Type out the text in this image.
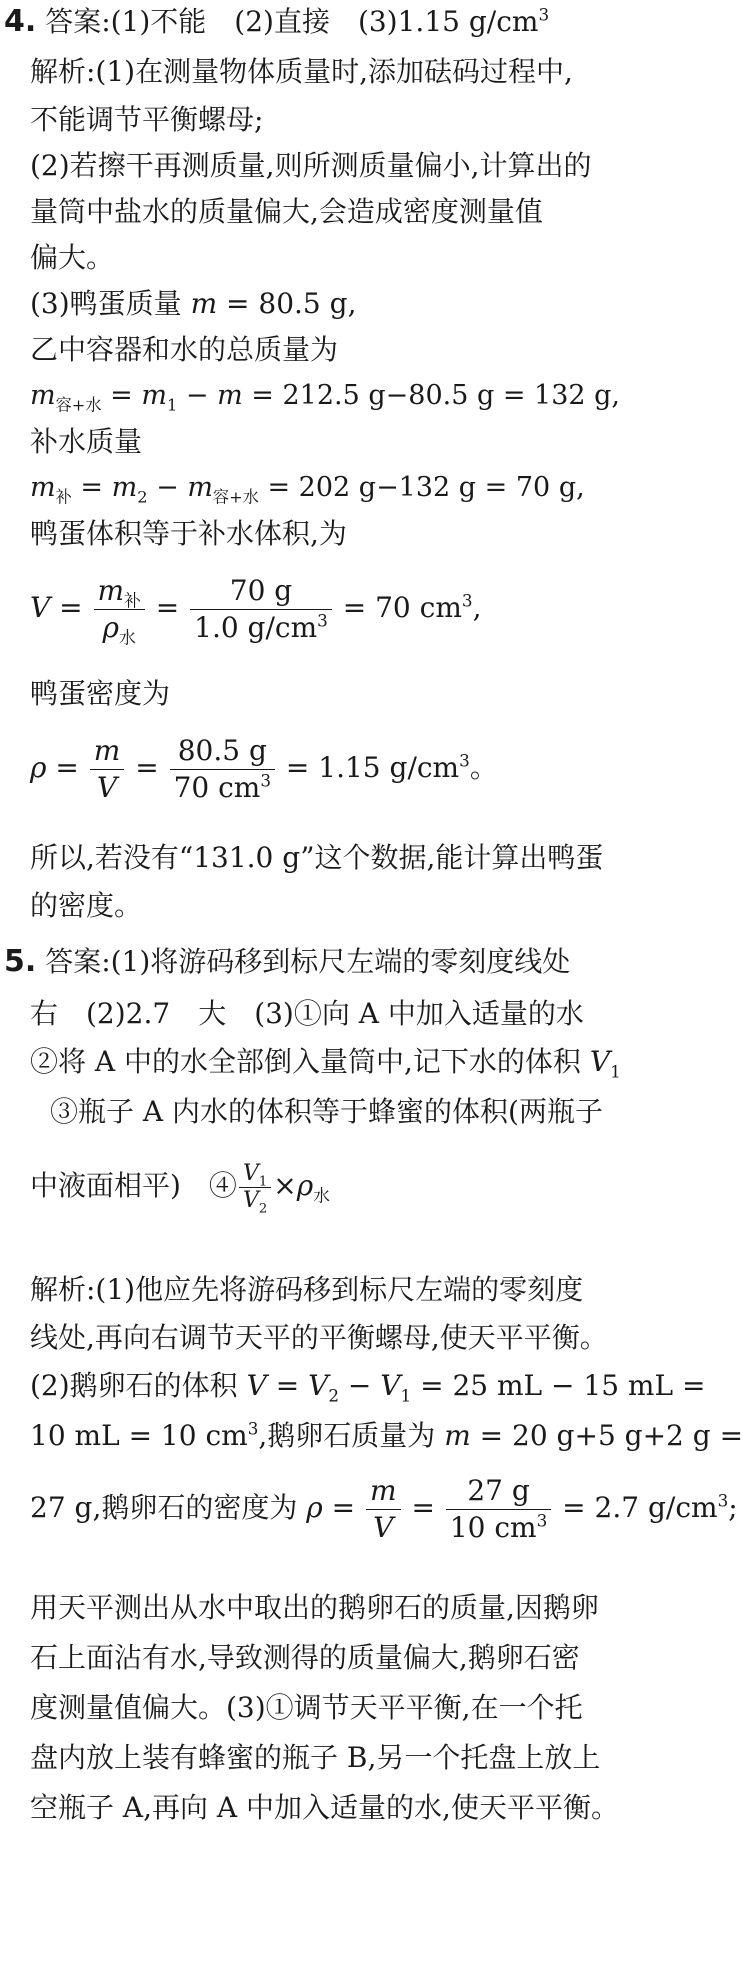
4. 答案:(1)不能　(2)直接　(3)1.15 $g/cm^3$
解析:(1)在测量物体质量时,添加砝码过程中,
不能调节平衡螺母;
(2)若擦干再测质量,则所测质量偏小,计算出的
量筒中盐水的质量偏大,会造成密度测量值
偏大。
(3)鸭蛋质量 m = 80.5 g,
乙中容器和水的总质量为
$m_{容+水} = m_1 - m = 212.5$ g−80.5 g = 132 g,
补水质量
$m_补 = m_2 - m_{容+水} = 202$ g−132 g = 70 g,
鸭蛋体积等于补水体积,为
$V = \frac{m_补}{\rho_水} = \frac{70 g}{1.0 g/cm^3} = 70$ $cm^3$,
鸭蛋密度为
$\rho = \frac{m}{V} = \frac{80.5 g}{70 cm^3} = 1.15$ $g/cm^3$。
所以,若没有“131.0 g”这个数据,能计算出鸭蛋
的密度。
5. 答案:(1)将游码移到标尺左端的零刻度线处
右　(2)2.7　大　(3)①向 A 中加入适量的水
②将 A 中的水全部倒入量筒中,记下水的体积 $V_1$
③瓶子 A 内水的体积等于蜂蜜的体积(两瓶子
中液面相平)　④ $\frac{V_1}{V_2} \times\rho_水$
解析:(1)他应先将游码移到标尺左端的零刻度
线处,再向右调节天平的平衡螺母,使天平平衡。
(2)鹅卵石的体积 $V = V_2 - V_1 = 25$ mL − 15 mL =
10 mL = 10 $cm^3$,鹅卵石质量为 m = 20 g+5 g+2 g =
27 g,鹅卵石的密度为 $\rho = \frac{m}{V} = \frac{27 g}{10 cm^3} = 2.7$ $g/cm^3$;
用天平测出从水中取出的鹅卵石的质量,因鹅卵
石上面沾有水,导致测得的质量偏大,鹅卵石密
度测量值偏大。(3)①调节天平平衡,在一个托
盘内放上装有蜂蜜的瓶子 B,另一个托盘上放上
空瓶子 A,再向 A 中加入适量的水,使天平平衡。
